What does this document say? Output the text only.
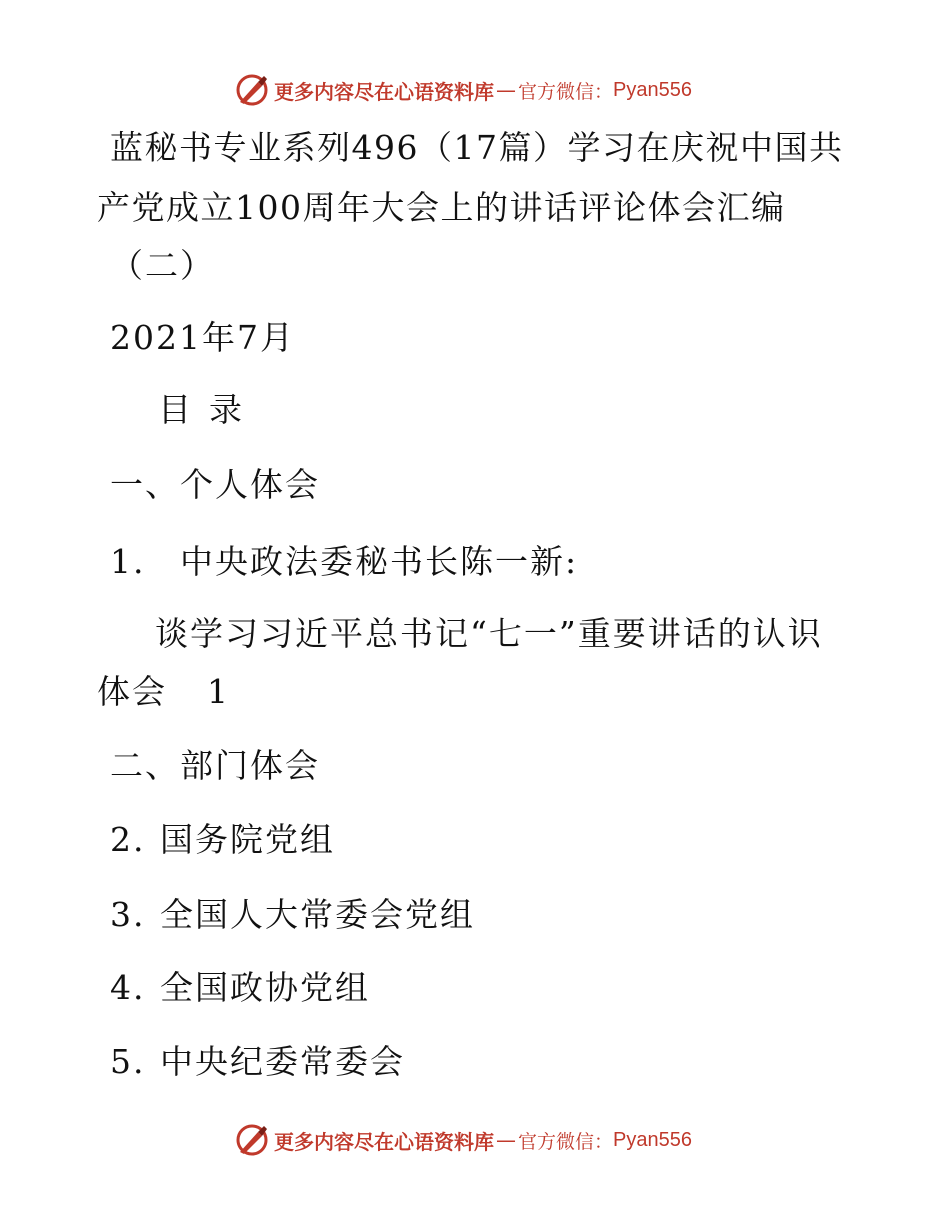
更多内容尽在心语资料库 — 官方微信： Pyan556
蓝秘书专业系列496（17篇）学习在庆祝中国共
产党成立100周年大会上的讲话评论体会汇编
（二）
2021年7月
目录
一、个人体会
1. 中央政法委秘书长陈一新:
谈学习习近平总书记“七一”重要讲话的认识
体会 1
二、部门体会
2. 国务院党组
3. 全国人大常委会党组
4. 全国政协党组
5. 中央纪委常委会
更多内容尽在心语资料库 — 官方微信： Pyan556
